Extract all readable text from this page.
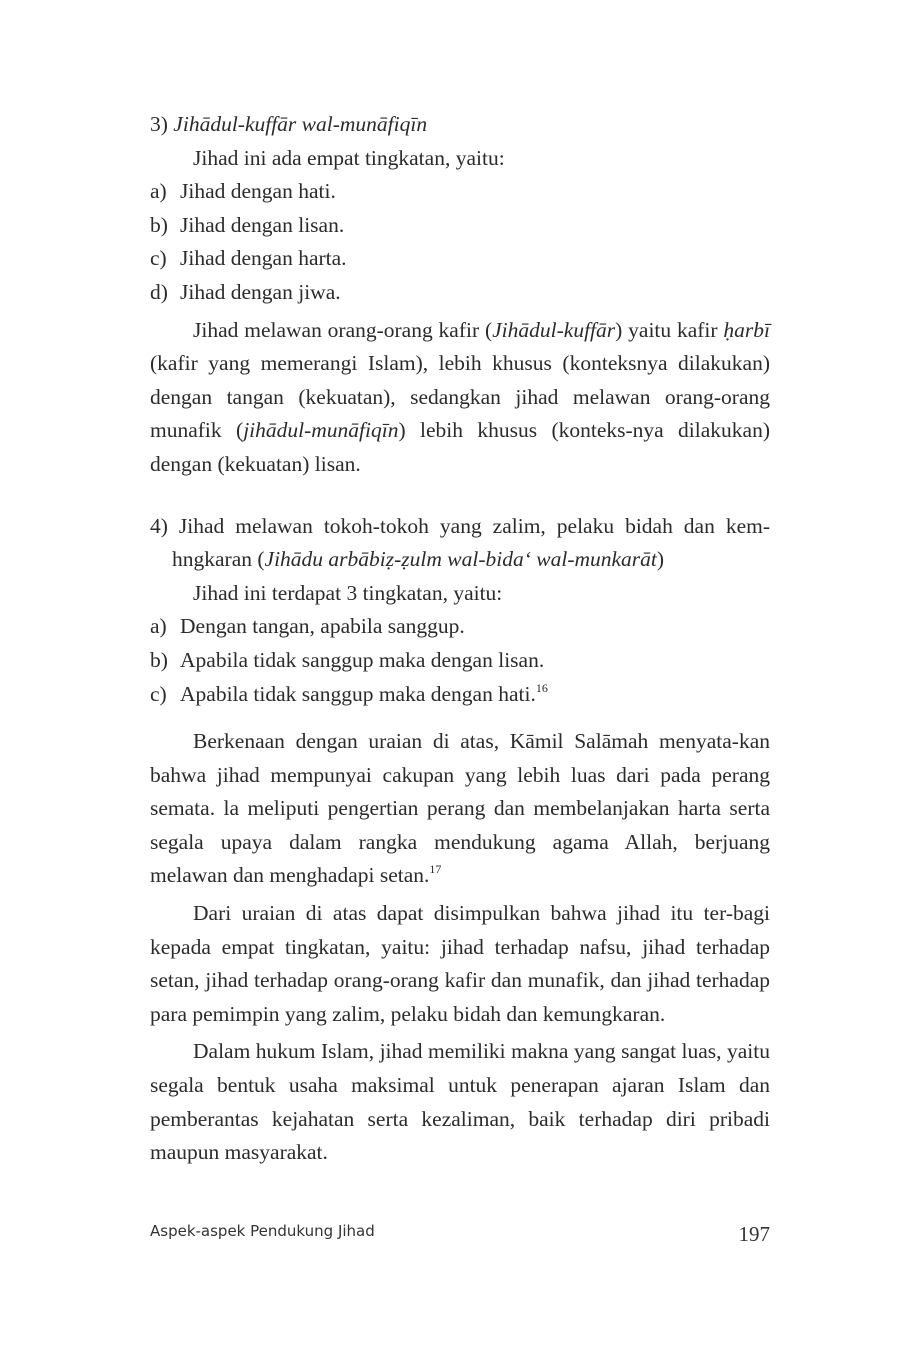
3) Jihādul-kuffār wal-munāfiqīn

Jihad ini ada empat tingkatan, yaitu:

a) Jihad dengan hati.
b) Jihad dengan lisan.
c) Jihad dengan harta.
d) Jihad dengan jiwa.

Jihad melawan orang-orang kafir (Jihādul-kuffār) yaitu kafir ḥarbī (kafir yang memerangi Islam), lebih khusus (konteksnya dilakukan) dengan tangan (kekuatan), sedangkan jihad melawan orang-orang munafik (jihādul-munāfiqīn) lebih khusus (konteks-nya dilakukan) dengan (kekuatan) lisan.

4) Jihad melawan tokoh-tokoh yang zalim, pelaku bidah dan kem-hngkaran (Jihādu arbābiẓ-ẓulm wal-bida‘ wal-munkarāt)

Jihad ini terdapat 3 tingkatan, yaitu:

a) Dengan tangan, apabila sanggup.
b) Apabila tidak sanggup maka dengan lisan.
c) Apabila tidak sanggup maka dengan hati.$^{16}$

Berkenaan dengan uraian di atas, Kāmil Salāmah menyata-kan bahwa jihad mempunyai cakupan yang lebih luas dari pada perang semata. la meliputi pengertian perang dan membelanjakan harta serta segala upaya dalam rangka mendukung agama Allah, berjuang melawan dan menghadapi setan.$^{17}$

Dari uraian di atas dapat disimpulkan bahwa jihad itu ter-bagi kepada empat tingkatan, yaitu: jihad terhadap nafsu, jihad terhadap setan, jihad terhadap orang-orang kafir dan munafik, dan jihad terhadap para pemimpin yang zalim, pelaku bidah dan kemungkaran.

Dalam hukum Islam, jihad memiliki makna yang sangat luas, yaitu segala bentuk usaha maksimal untuk penerapan ajaran Islam dan pemberantas kejahatan serta kezaliman, baik terhadap diri pribadi maupun masyarakat.

Aspek-aspek Pendukung Jihad	197
